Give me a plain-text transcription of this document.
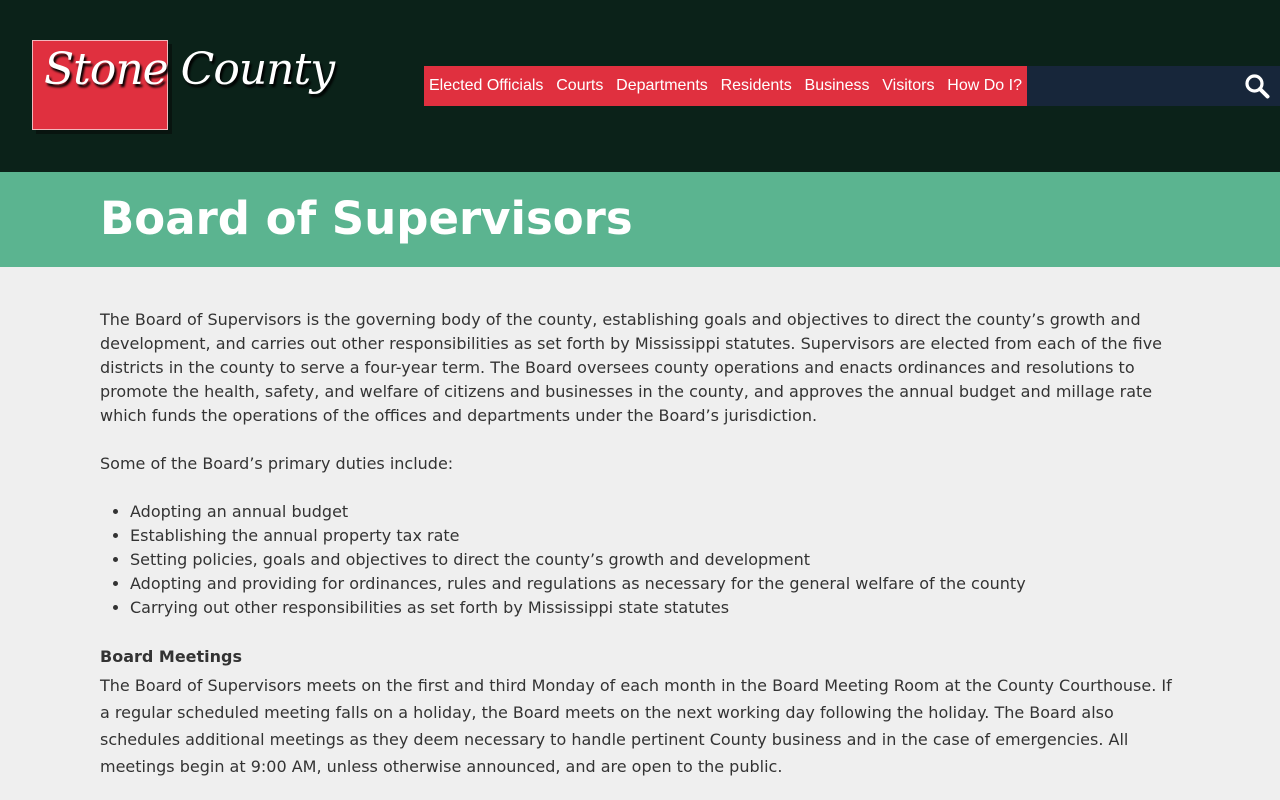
Stone County	Elected Officials Courts Departments Residents Business Visitors How Do I?
Board of Supervisors

The Board of Supervisors is the governing body of the county, establishing goals and objectives to direct the county’s growth and development, and carries out other responsibilities as set forth by Mississippi statutes. Supervisors are elected from each of the five districts in the county to serve a four-year term. The Board oversees county operations and enacts ordinances and resolutions to promote the health, safety, and welfare of citizens and businesses in the county, and approves the annual budget and millage rate which funds the operations of the offices and departments under the Board’s jurisdiction.

Some of the Board’s primary duties include:

• Adopting an annual budget
• Establishing the annual property tax rate
• Setting policies, goals and objectives to direct the county’s growth and development
• Adopting and providing for ordinances, rules and regulations as necessary for the general welfare of the county
• Carrying out other responsibilities as set forth by Mississippi state statutes

Board Meetings

The Board of Supervisors meets on the first and third Monday of each month in the Board Meeting Room at the County Courthouse. If a regular scheduled meeting falls on a holiday, the Board meets on the next working day following the holiday. The Board also schedules additional meetings as they deem necessary to handle pertinent County business and in the case of emergencies. All meetings begin at 9:00 AM, unless otherwise announced, and are open to the public.
